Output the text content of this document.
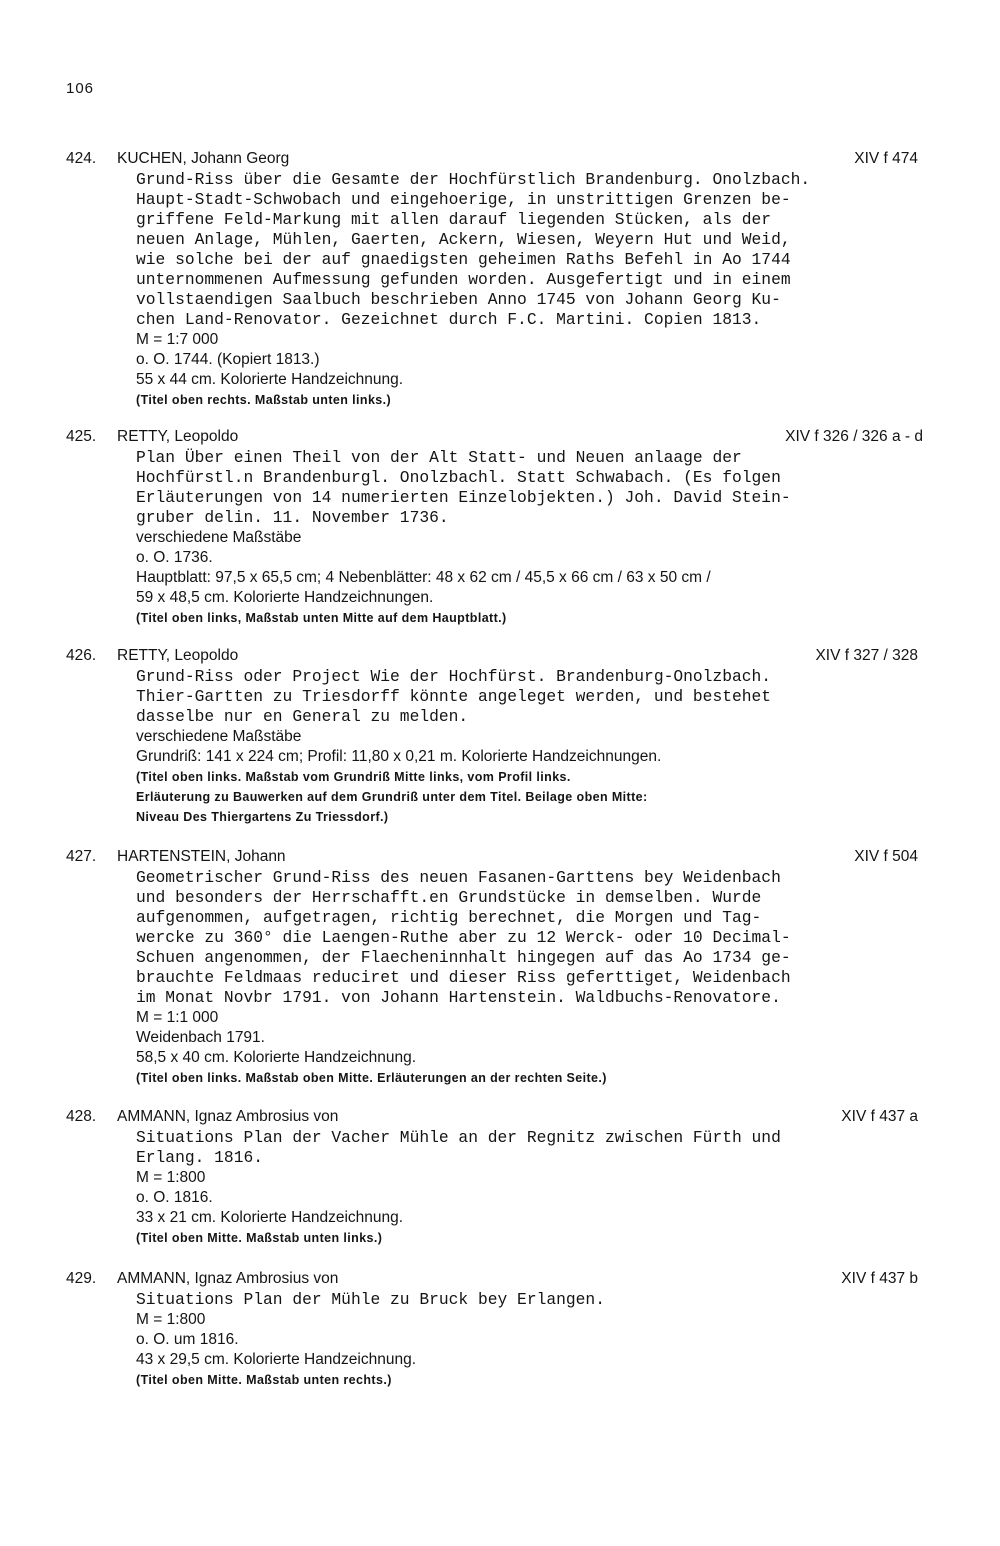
106
424. KUCHEN, Johann Georg	XIV f 474
Grund-Riss über die Gesamte der Hochfürstlich Brandenburg. Onolzbach.
Haupt-Stadt-Schwobach und eingehoerige, in unstrittigen Grenzen be-
griffene Feld-Markung mit allen darauf liegenden Stücken, als der
neuen Anlage, Mühlen, Gaerten, Ackern, Wiesen, Weyern Hut und Weid,
wie solche bei der auf gnaedigsten geheimen Raths Befehl in Ao 1744
unternommenen Aufmessung gefunden worden. Ausgefertigt und in einem
vollstaendigen Saalbuch beschrieben Anno 1745 von Johann Georg Ku-
chen Land-Renovator. Gezeichnet durch F.C. Martini. Copien 1813.
M = 1:7 000
o. O. 1744. (Kopiert 1813.)
55 x 44 cm. Kolorierte Handzeichnung.
(Titel oben rechts. Maßstab unten links.)
425. RETTY, Leopoldo	XIV f 326 / 326 a - d
Plan Über einen Theil von der Alt Statt- und Neuen anlaage der
Hochfürstl.n Brandenburgl. Onolzbachl. Statt Schwabach. (Es folgen
Erläuterungen von 14 numerierten Einzelobjekten.) Joh. David Stein-
gruber delin. 11. November 1736.
verschiedene Maßstäbe
o. O. 1736.
Hauptblatt: 97,5 x 65,5 cm; 4 Nebenblätter: 48 x 62 cm / 45,5 x 66 cm / 63 x 50 cm /
59 x 48,5 cm. Kolorierte Handzeichnungen.
(Titel oben links, Maßstab unten Mitte auf dem Hauptblatt.)
426. RETTY, Leopoldo	XIV f 327 / 328
Grund-Riss oder Project Wie der Hochfürst. Brandenburg-Onolzbach.
Thier-Gartten zu Triesdorff könnte angeleget werden, und bestehet
dasselbe nur en General zu melden.
verschiedene Maßstäbe
Grundriß: 141 x 224 cm; Profil: 11,80 x 0,21 m. Kolorierte Handzeichnungen.
(Titel oben links. Maßstab vom Grundriß Mitte links, vom Profil links.
Erläuterung zu Bauwerken auf dem Grundriß unter dem Titel. Beilage oben Mitte:
Niveau Des Thiergartens Zu Triessdorf.)
427. HARTENSTEIN, Johann	XIV f 504
Geometrischer Grund-Riss des neuen Fasanen-Garttens bey Weidenbach
und besonders der Herrschafft.en Grundstücke in demselben. Wurde
aufgenommen, aufgetragen, richtig berechnet, die Morgen und Tag-
wercke zu 360° die Laengen-Ruthe aber zu 12 Werck- oder 10 Decimal-
Schuen angenommen, der Flaecheninnhalt hingegen auf das Ao 1734 ge-
brauchte Feldmaas reduciret und dieser Riss geferttiget, Weidenbach
im Monat Novbr 1791. von Johann Hartenstein. Waldbuchs-Renovatore.
M = 1:1 000
Weidenbach 1791.
58,5 x 40 cm. Kolorierte Handzeichnung.
(Titel oben links. Maßstab oben Mitte. Erläuterungen an der rechten Seite.)
428. AMMANN, Ignaz Ambrosius von	XIV f 437 a
Situations Plan der Vacher Mühle an der Regnitz zwischen Fürth und
Erlang. 1816.
M = 1:800
o. O. 1816.
33 x 21 cm. Kolorierte Handzeichnung.
(Titel oben Mitte. Maßstab unten links.)
429. AMMANN, Ignaz Ambrosius von	XIV f 437 b
Situations Plan der Mühle zu Bruck bey Erlangen.
M = 1:800
o. O. um 1816.
43 x 29,5 cm. Kolorierte Handzeichnung.
(Titel oben Mitte. Maßstab unten rechts.)
